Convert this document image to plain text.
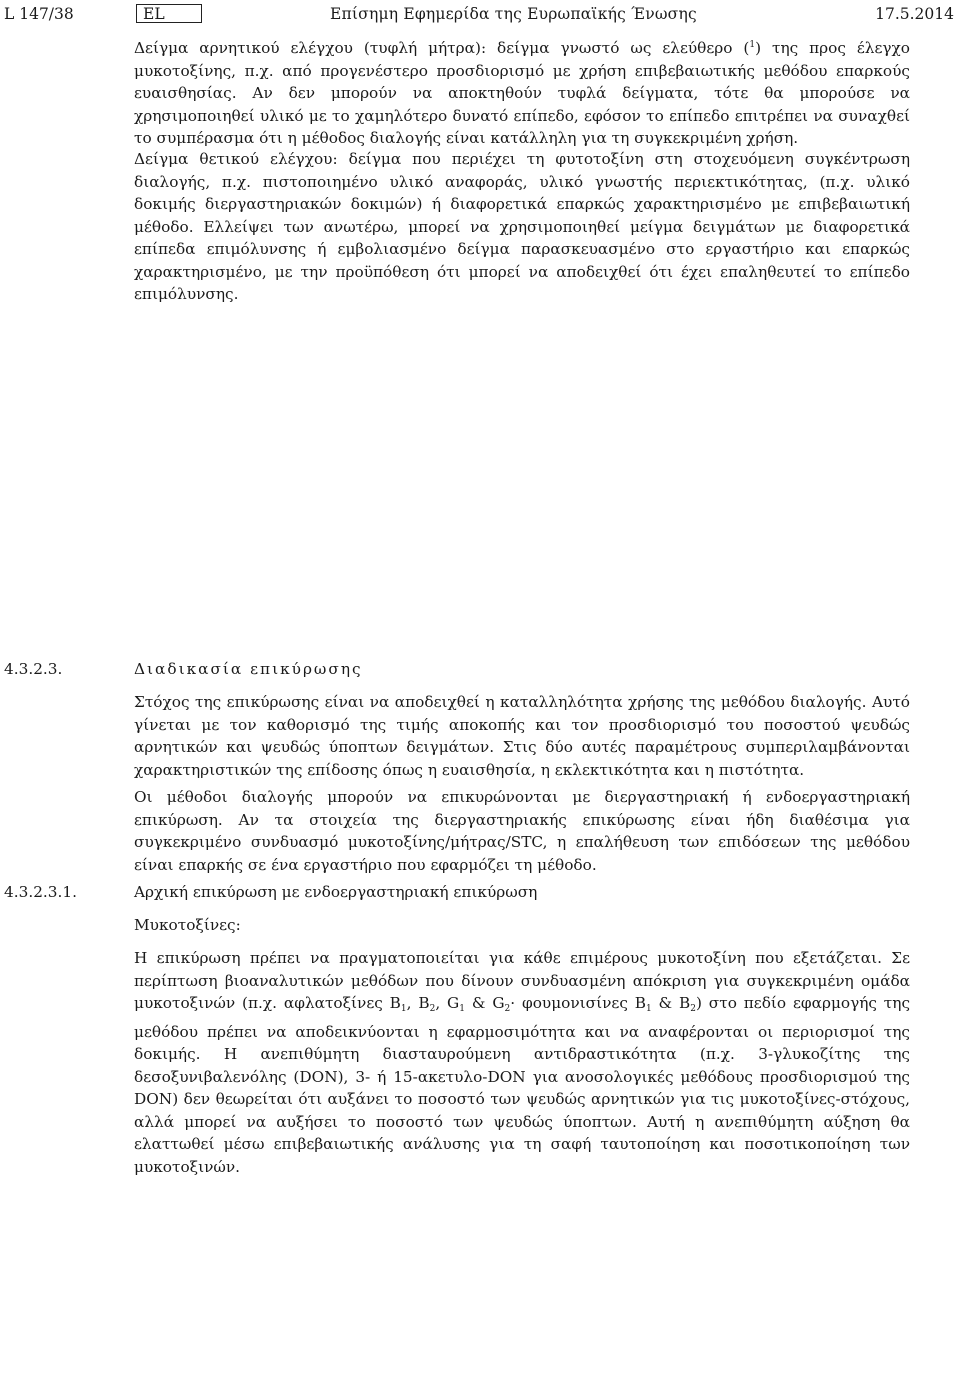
L 147/38	EL	Επίσημη Εφημερίδα της Ευρωπαϊκής Ένωσης	17.5.2014

Δείγμα αρνητικού ελέγχου (τυφλή μήτρα): δείγμα γνωστό ως ελεύθερο ($^1$) της προς έλεγχο μυκοτοξίνης, π.χ. από προγενέστερο προσδιορισμό με χρήση επιβεβαιωτικής μεθόδου επαρκούς ευαισθησίας. Αν δεν μπορούν να αποκτηθούν τυφλά δείγματα, τότε θα μπορούσε να χρησιμοποιηθεί υλικό με το χαμηλότερο δυνατό επίπεδο, εφόσον το επίπεδο επιτρέπει να συναχθεί το συμπέρασμα ότι η μέθοδος διαλογής είναι κατάλληλη για τη συγκεκριμένη χρήση.

Δείγμα θετικού ελέγχου: δείγμα που περιέχει τη φυτοτοξίνη στη στοχευόμενη συγκέντρωση διαλογής, π.χ. πιστοποιημένο υλικό αναφοράς, υλικό γνωστής περιεκτικότητας, (π.χ. υλικό δοκιμής διεργαστηριακών δοκιμών) ή διαφορετικά επαρκώς χαρακτηρισμένο με επιβεβαιωτική μέθοδο. Ελλείψει των ανωτέρω, μπορεί να χρησιμοποιηθεί μείγμα δειγμάτων με διαφορετικά επίπεδα επιμόλυνσης ή εμβολιασμένο δείγμα παρασκευασμένο στο εργαστήριο και επαρκώς χαρακτηρισμένο, με την προϋπόθεση ότι μπορεί να αποδειχθεί ότι έχει επαληθευτεί το επίπεδο επιμόλυνσης.

4.3.2.3.	Διαδικασία επικύρωσης

Στόχος της επικύρωσης είναι να αποδειχθεί η καταλληλότητα χρήσης της μεθόδου διαλογής. Αυτό γίνεται με τον καθορισμό της τιμής αποκοπής και τον προσδιορισμό του ποσοστού ψευδώς αρνητικών και ψευδώς ύποπτων δειγμάτων. Στις δύο αυτές παραμέτρους συμπεριλαμβάνονται χαρακτηριστικών της επίδοσης όπως η ευαισθησία, η εκλεκτικότητα και η πιστότητα.

Οι μέθοδοι διαλογής μπορούν να επικυρώνονται με διεργαστηριακή ή ενδοεργαστηριακή επικύρωση. Αν τα στοιχεία της διεργαστηριακής επικύρωσης είναι ήδη διαθέσιμα για συγκεκριμένο συνδυασμό μυκοτοξίνης/μήτρας/STC, η επαλήθευση των επιδόσεων της μεθόδου είναι επαρκής σε ένα εργαστήριο που εφαρμόζει τη μέθοδο.

4.3.2.3.1.	Αρχική επικύρωση με ενδοεργαστηριακή επικύρωση

Μυκοτοξίνες:

Η επικύρωση πρέπει να πραγματοποιείται για κάθε επιμέρους μυκοτοξίνη που εξετάζεται. Σε περίπτωση βιοαναλυτικών μεθόδων που δίνουν συνδυασμένη απόκριση για συγκεκριμένη ομάδα μυκοτοξινών (π.χ. αφλατοξίνες $B_1$, $B_2$, $G_1$ & $G_2\cdot \varphi o\upsilon\mu o\nu\iota\sigma ί\nu\varepsilon\varsigma$ $B_1$ & $B_2$) στο πεδίο εφαρμογής της μεθόδου πρέπει να αποδεικνύονται η εφαρμοσιμότητα και να αναφέρονται οι περιορισμοί της δοκιμής. Η ανεπιθύμητη διασταυρούμενη αντιδραστικότητα (π.χ. 3-γλυκοζίτης της δεσοξυνιβαλενόλης (DON), 3- ή 15-ακετυλο-DON για ανοσολογικές μεθόδους προσδιορισμού της DON) δεν θεωρείται ότι αυξάνει το ποσοστό των ψευδώς αρνητικών για τις μυκοτοξίνες-στόχους, αλλά μπορεί να αυξήσει το ποσοστό των ψευδώς ύποπτων. Αυτή η ανεπιθύμητη αύξηση θα ελαττωθεί μέσω επιβεβαιωτικής ανάλυσης για τη σαφή ταυτοποίηση και ποσοτικοποίηση των μυκοτοξινών.
